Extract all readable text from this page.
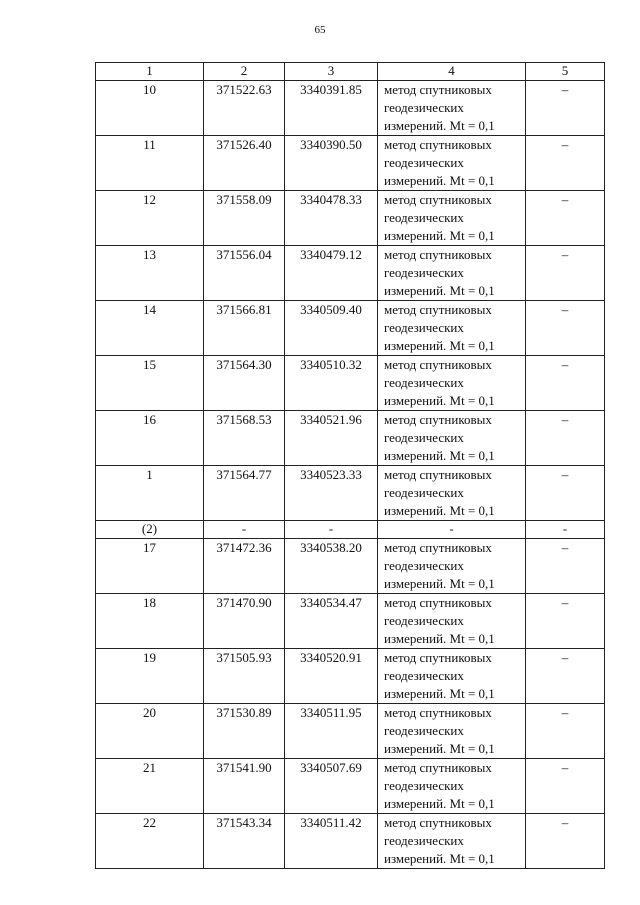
65
1	2	3	4	5
10	371522.63	3340391.85	метод спутниковых
геодезических
измерений. Mt = 0,1	–
11	371526.40	3340390.50	метод спутниковых
геодезических
измерений. Mt = 0,1	–
12	371558.09	3340478.33	метод спутниковых
геодезических
измерений. Mt = 0,1	–
13	371556.04	3340479.12	метод спутниковых
геодезических
измерений. Mt = 0,1	–
14	371566.81	3340509.40	метод спутниковых
геодезических
измерений. Mt = 0,1	–
15	371564.30	3340510.32	метод спутниковых
геодезических
измерений. Mt = 0,1	–
16	371568.53	3340521.96	метод спутниковых
геодезических
измерений. Mt = 0,1	–
1	371564.77	3340523.33	метод спутниковых
геодезических
измерений. Mt = 0,1	–
(2)	-	-	-	-
17	371472.36	3340538.20	метод спутниковых
геодезических
измерений. Mt = 0,1	–
18	371470.90	3340534.47	метод спутниковых
геодезических
измерений. Mt = 0,1	–
19	371505.93	3340520.91	метод спутниковых
геодезических
измерений. Mt = 0,1	–
20	371530.89	3340511.95	метод спутниковых
геодезических
измерений. Mt = 0,1	–
21	371541.90	3340507.69	метод спутниковых
геодезических
измерений. Mt = 0,1	–
22	371543.34	3340511.42	метод спутниковых
геодезических
измерений. Mt = 0,1	–
